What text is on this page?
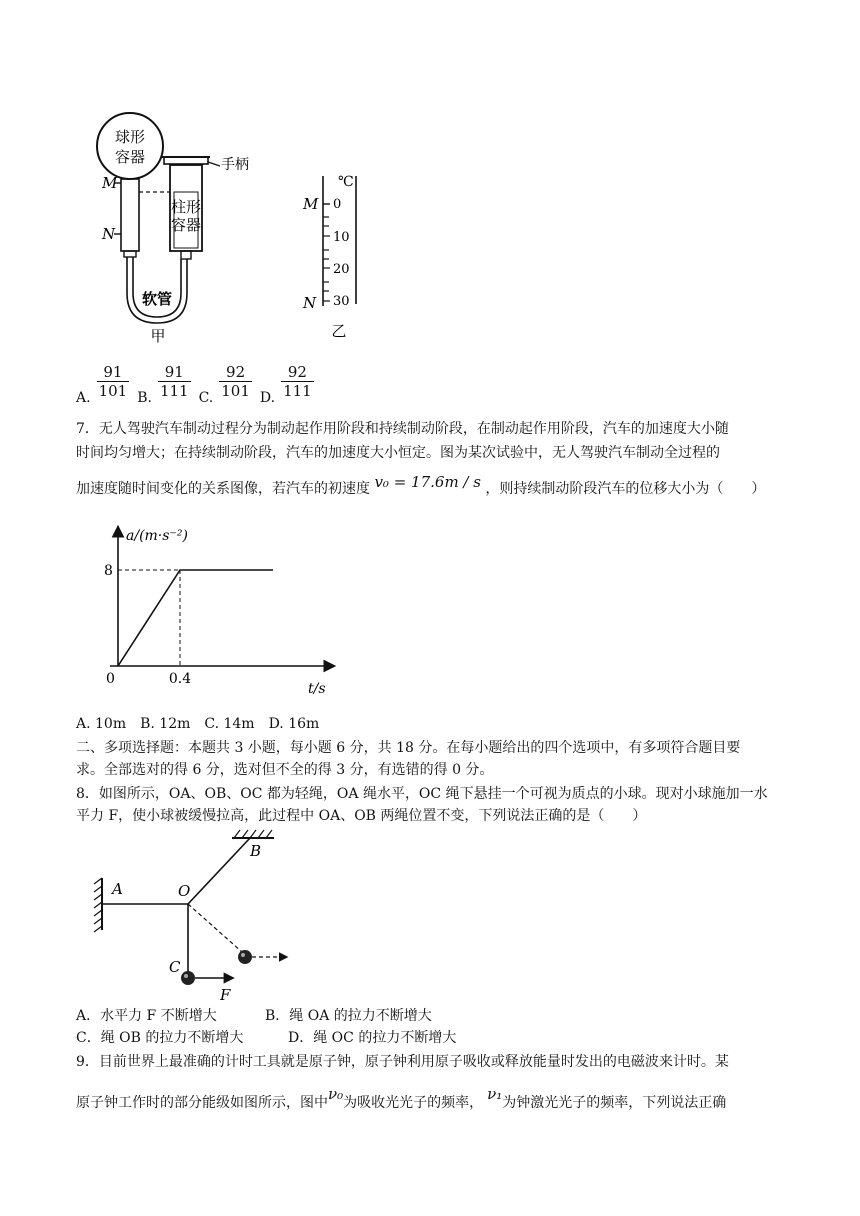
球形
容器
M
N
柱形
容器
手柄
软管
甲
℃
M
N
0
10
20
30
乙
A. $\frac{91}{101} B$. $\frac{91}{111} C$. $\frac{92}{101} D$. $\frac{92}{111}$
7．无人驾驶汽车制动过程分为制动起作用阶段和持续制动阶段，在制动起作用阶段，汽车的加速度大小随
时间均匀增大；在持续制动阶段，汽车的加速度大小恒定。图为某次试验中，无人驾驶汽车制动全过程的
加速度随时间变化的关系图像，若汽车的初速度 v₀ = 17.6m / s ，则持续制动阶段汽车的位移大小为（　　）
a/(m·s⁻²)
t/s
0	0.4
8
A. 10m　B. 12m　C. 14m　D. 16m
二、多项选择题：本题共 3 小题，每小题 6 分，共 18 分。在每小题给出的四个选项中，有多项符合题目要
求。全部选对的得 6 分，选对但不全的得 3 分，有选错的得 0 分。
8．如图所示，OA、OB、OC 都为轻绳，OA 绳水平，OC 绳下悬挂一个可视为质点的小球。现对小球施加一水
平力 F，使小球被缓慢拉高，此过程中 OA、OB 两绳位置不变，下列说法正确的是（　　）
A	O
B
C
F
A．水平力 F 不断增大	B．绳 OA 的拉力不断增大
C．绳 OB 的拉力不断增大	D．绳 OC 的拉力不断增大
9．目前世界上最准确的计时工具就是原子钟，原子钟利用原子吸收或释放能量时发出的电磁波来计时。某
原子钟工作时的部分能级如图所示，图中ν₀为吸收光光子的频率， ν₁为钟激光光子的频率，下列说法正确
